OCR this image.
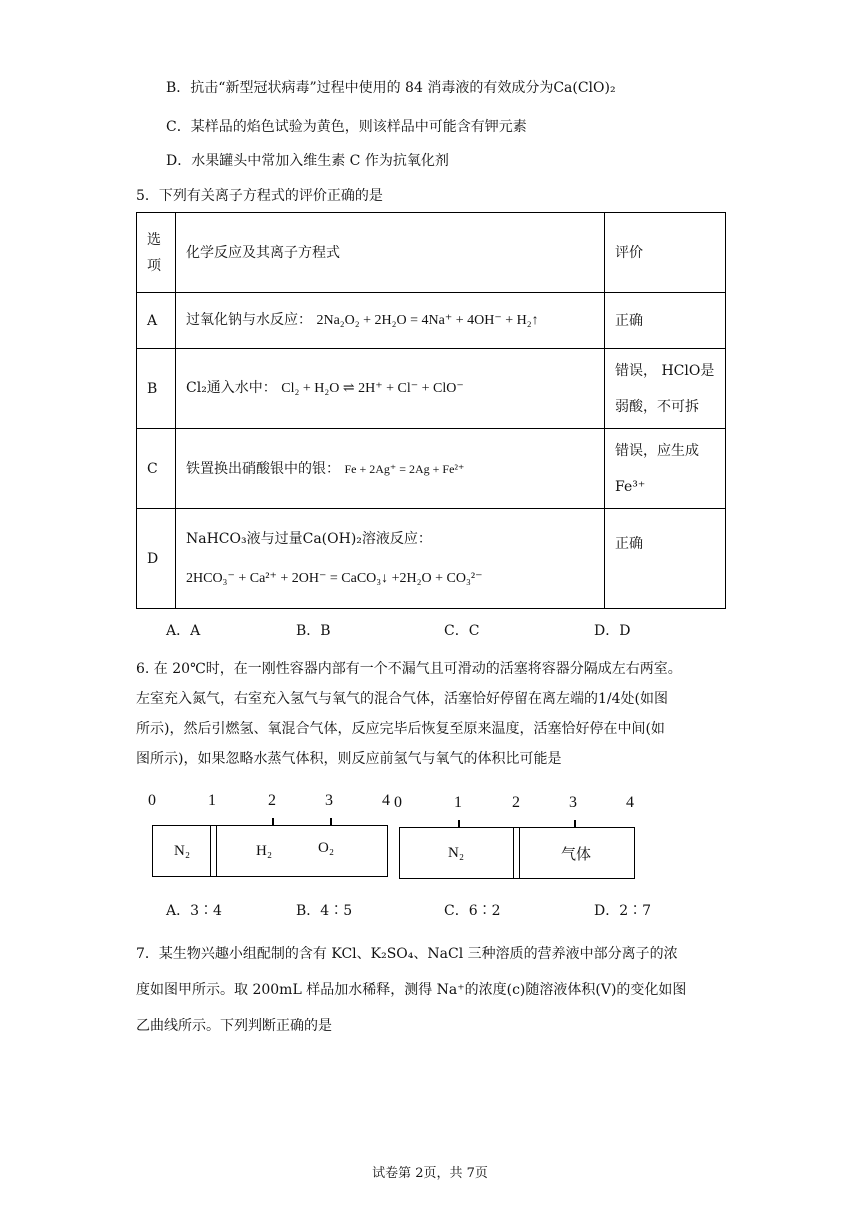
B．抗击“新型冠状病毒”过程中使用的 84 消毒液的有效成分为Ca(ClO)₂
C．某样品的焰色试验为黄色，则该样品中可能含有钾元素
D．水果罐头中常加入维生素 C 作为抗氧化剂
5．下列有关离子方程式的评价正确的是
选项	化学反应及其离子方程式	评价
A	过氧化钠与水反应： 2Na₂O₂ + 2H₂O = 4Na⁺ + 4OH⁻ + H₂↑	正确
B	Cl₂通入水中： Cl₂ + H₂O ⇌ 2H⁺ + Cl⁻ + ClO⁻	错误， HClO是弱酸，不可拆
C	铁置换出硝酸银中的银： Fe + 2Ag⁺ = 2Ag + Fe²⁺	错误，应生成Fe³⁺
D	NaHCO₃液与过量Ca(OH)₂溶液反应：
2HCO₃⁻ + Ca²⁺ + 2OH⁻ = CaCO₃↓ +2H₂O + CO₃²⁻	正确
A．A	B．B	C．C	D．D
6. 在 20℃时，在一刚性容器内部有一个不漏气且可滑动的活塞将容器分隔成左右两室。
左室充入氮气，右室充入氢气与氧气的混合气体，活塞恰好停留在离左端的1/4处(如图
所示)，然后引燃氢、氧混合气体，反应完毕后恢复至原来温度，活塞恰好停在中间(如
图所示)，如果忽略水蒸气体积，则反应前氢气与氧气的体积比可能是
0	1	2	3	4
N₂	H₂	O₂
0	1	2	3	4
N₂	气体
A．3∶4	B．4∶5	C．6∶2	D．2∶7
7．某生物兴趣小组配制的含有 KCl、K₂SO₄、NaCl 三种溶质的营养液中部分离子的浓
度如图甲所示。取 200mL 样品加水稀释，测得 Na⁺的浓度(c)随溶液体积(V)的变化如图
乙曲线所示。下列判断正确的是
试卷第 2页，共 7页
